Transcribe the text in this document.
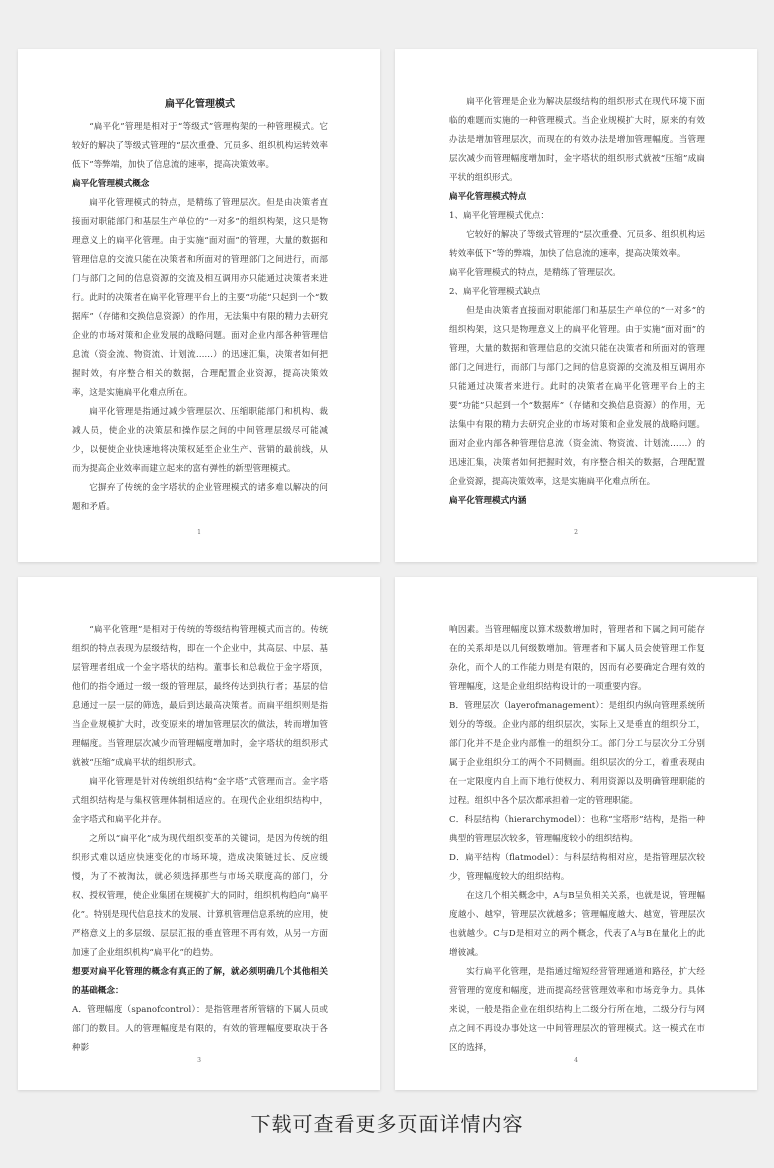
扁平化管理模式
“扁平化”管理是相对于“等级式”管理构架的一种管理模式。它较好的解决了等级式管理的“层次重叠、冗员多、组织机构运转效率低下”等弊端，加快了信息流的速率，提高决策效率。
扁平化管理模式概念
扁平化管理模式的特点，是精练了管理层次。但是由决策者直接面对职能部门和基层生产单位的“一对多”的组织构架，这只是物理意义上的扁平化管理。由于实施“面对面”的管理，大量的数据和管理信息的交流只能在决策者和所面对的管理部门之间进行，而部门与部门之间的信息资源的交流及相互调用亦只能通过决策者来进行。此时的决策者在扁平化管理平台上的主要“功能”只起到一个“数据库”（存储和交换信息资源）的作用，无法集中有限的精力去研究企业的市场对策和企业发展的战略问题。面对企业内部各种管理信息流（资金流、物资流、计划流……）的迅速汇集，决策者如何把握时效，有序整合相关的数据，合理配置企业资源，提高决策效率，这是实施扁平化难点所在。
扁平化管理是指通过减少管理层次、压缩职能部门和机构、裁减人员，使企业的决策层和操作层之间的中间管理层级尽可能减少，以便使企业快速地将决策权延至企业生产、营销的最前线，从而为提高企业效率而建立起来的富有弹性的新型管理模式。
它摒弃了传统的金字塔状的企业管理模式的诸多难以解决的问题和矛盾。
1
扁平化管理是企业为解决层级结构的组织形式在现代环境下面临的难题而实施的一种管理模式。当企业规模扩大时，原来的有效办法是增加管理层次，而现在的有效办法是增加管理幅度。当管理层次减少而管理幅度增加时，金字塔状的组织形式就被“压缩”成扁平状的组织形式。
扁平化管理模式特点
1、扁平化管理模式优点：
它较好的解决了等级式管理的“层次重叠、冗员多、组织机构运转效率低下”等的弊端，加快了信息流的速率，提高决策效率。
扁平化管理模式的特点，是精练了管理层次。
2、扁平化管理模式缺点
但是由决策者直接面对职能部门和基层生产单位的“一对多”的组织构架，这只是物理意义上的扁平化管理。由于实施“面对面”的管理，大量的数据和管理信息的交流只能在决策者和所面对的管理部门之间进行，而部门与部门之间的信息资源的交流及相互调用亦只能通过决策者来进行。此时的决策者在扁平化管理平台上的主要“功能”只起到一个“数据库”（存储和交换信息资源）的作用，无法集中有限的精力去研究企业的市场对策和企业发展的战略问题。面对企业内部各种管理信息流（资金流、物资流、计划流……）的迅速汇集，决策者如何把握时效，有序整合相关的数据，合理配置企业资源，提高决策效率，这是实施扁平化难点所在。
扁平化管理模式内涵
2
“扁平化管理”是相对于传统的等级结构管理模式而言的。传统组织的特点表现为层级结构，即在一个企业中，其高层、中层、基层管理者组成一个金字塔状的结构。董事长和总裁位于金字塔顶，他们的指令通过一级一级的管理层，最终传达到执行者；基层的信息通过一层一层的筛选，最后到达最高决策者。而扁平组织则是指当企业规模扩大时，改变原来的增加管理层次的做法，转而增加管理幅度。当管理层次减少而管理幅度增加时，金字塔状的组织形式就被“压缩”成扁平状的组织形式。
扁平化管理是针对传统组织结构“金字塔”式管理而言。金字塔式组织结构是与集权管理体制相适应的。在现代企业组织结构中，金字塔式和扁平化并存。
之所以“扁平化”成为现代组织变革的关键词，是因为传统的组织形式难以适应快速变化的市场环境，造成决策链过长、反应缓慢，为了不被淘汰，就必须选择那些与市场关联度高的部门，分权、授权管理，使企业集团在规模扩大的同时，组织机构趋向“扁平化”。特别是现代信息技术的发展、计算机管理信息系统的应用，使严格意义上的多层级、层层汇报的垂直管理不再有效，从另一方面加速了企业组织机构“扁平化”的趋势。
想要对扁平化管理的概念有真正的了解，就必须明确几个其他相关的基础概念：
A．管理幅度（spanofcontrol）：是指管理者所管辖的下属人员或部门的数目。人的管理幅度是有限的，有效的管理幅度要取决于各种影
3
响因素。当管理幅度以算术级数增加时，管理者和下属之间可能存在的关系却是以几何级数增加。管理者和下属人员会使管理工作复杂化，而个人的工作能力则是有限的，因而有必要确定合理有效的管理幅度，这是企业组织结构设计的一项重要内容。
B．管理层次（layerofmanagement）：是组织内纵向管理系统所划分的等级。企业内部的组织层次，实际上又是垂直的组织分工，部门化并不是企业内部惟一的组织分工。部门分工与层次分工分别属于企业组织分工的两个不同侧面。组织层次的分工，着重表现由在一定限度内自上而下地行使权力、利用资源以及明确管理职能的过程。组织中各个层次都承担着一定的管理职能。
C．科层结构（hierarchymodel）：也称“宝塔形”结构，是指一种典型的管理层次较多，管理幅度较小的组织结构。
D．扁平结构（flatmodel）：与科层结构相对应，是指管理层次较少，管理幅度较大的组织结构。
在这几个相关概念中，A与B呈负相关关系，也就是说，管理幅度越小、越窄，管理层次就越多；管理幅度越大、越宽，管理层次也就越少。C与D是相对立的两个概念，代表了A与B在量化上的此增彼减。
实行扁平化管理，是指通过缩短经营管理通道和路径，扩大经营管理的宽度和幅度，进而提高经营管理效率和市场竞争力。具体来说，一般是指企业在组织结构上二级分行所在地，二级分行与网点之间不再设办事处这一中间管理层次的管理模式。这一模式在市区的选择，
4
下载可查看更多页面详情内容
